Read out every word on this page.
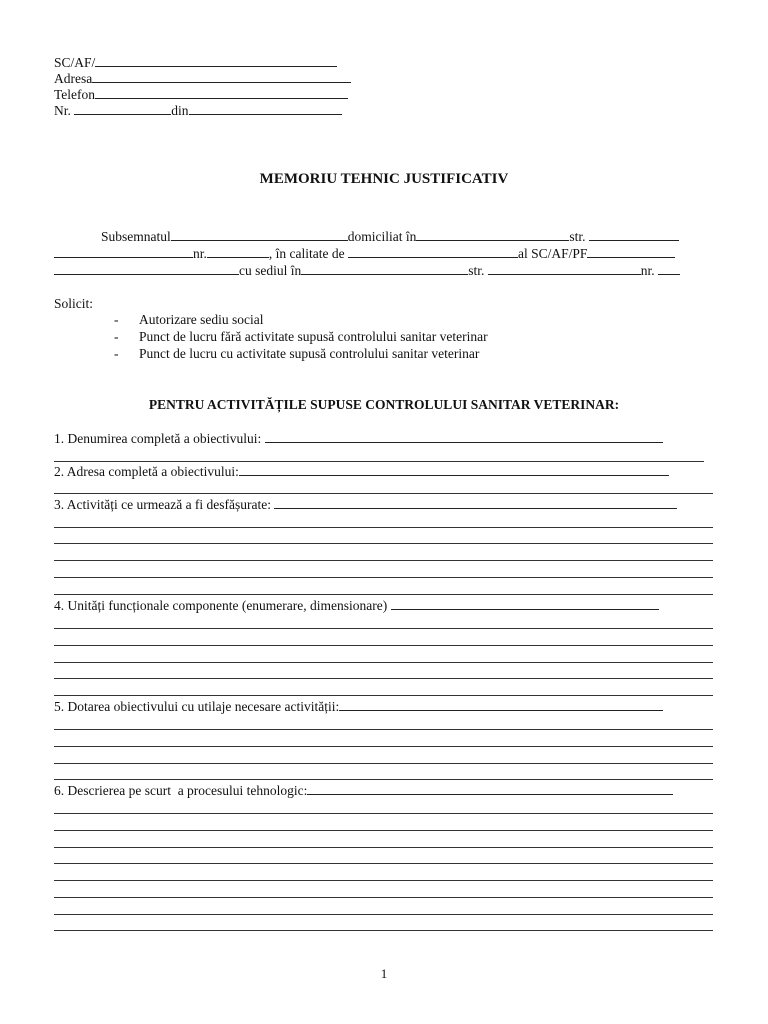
SC/AF/
Adresa
Telefon
Nr.	din
MEMORIU TEHNIC JUSTIFICATIV
Subsemnatul	domiciliat în	str.
nr.	, în calitate de	al SC/AF/PF
cu sediul în	str.	nr.
Solicit:
- Autorizare sediu social
- Punct de lucru fără activitate supusă controlului sanitar veterinar
- Punct de lucru cu activitate supusă controlului sanitar veterinar
PENTRU ACTIVITĂȚILE SUPUSE CONTROLULUI SANITAR VETERINAR:
1. Denumirea completă a obiectivului:
2. Adresa completă a obiectivului:
3. Activități ce urmează a fi desfășurate:
4. Unități funcționale componente (enumerare, dimensionare)
5. Dotarea obiectivului cu utilaje necesare activității:
6. Descrierea pe scurt  a procesului tehnologic:
1
